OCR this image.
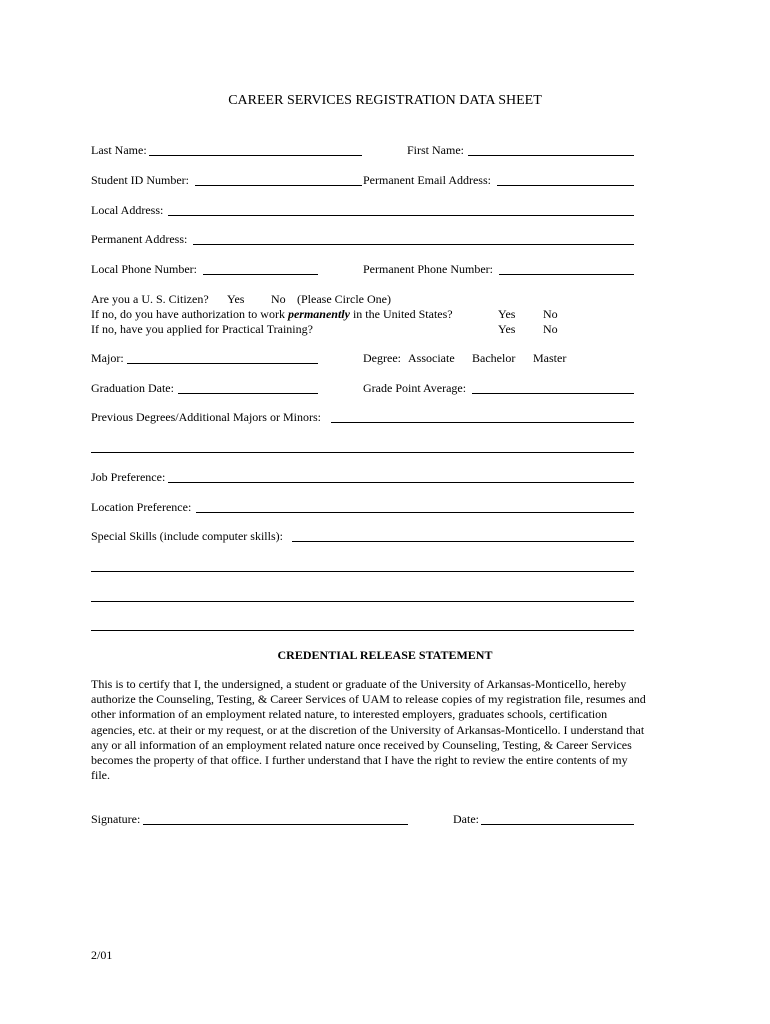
CAREER SERVICES REGISTRATION DATA SHEET
Last Name:	First Name:
Student ID Number:	Permanent Email Address:
Local Address:
Permanent Address:
Local Phone Number:	Permanent Phone Number:
Are you a U. S. Citizen? Yes No (Please Circle One)
If no, do you have authorization to work permanently in the United States?	Yes No
If no, have you applied for Practical Training?	Yes No
Major:	Degree: Associate Bachelor Master
Graduation Date:	Grade Point Average:
Previous Degrees/Additional Majors or Minors:
Job Preference:
Location Preference:
Special Skills (include computer skills):
CREDENTIAL RELEASE STATEMENT
This is to certify that I, the undersigned, a student or graduate of the University of Arkansas-Monticello, hereby
authorize the Counseling, Testing, & Career Services of UAM to release copies of my registration file, resumes and
other information of an employment related nature, to interested employers, graduates schools, certification
agencies, etc. at their or my request, or at the discretion of the University of Arkansas-Monticello. I understand that
any or all information of an employment related nature once received by Counseling, Testing, & Career Services
becomes the property of that office. I further understand that I have the right to review the entire contents of my
file.
Signature:	Date:
2/01
